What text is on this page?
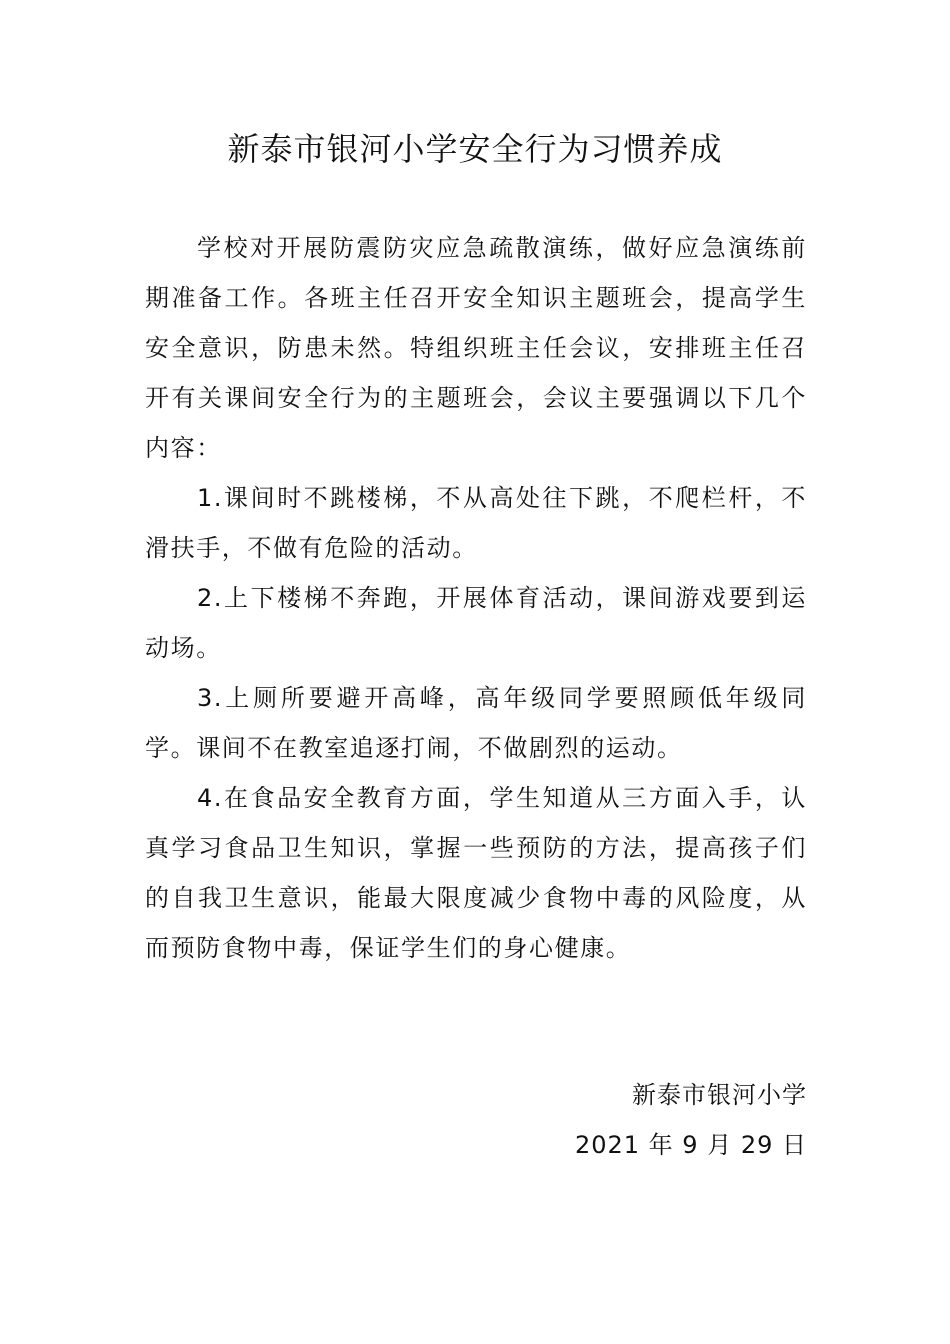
新泰市银河小学安全行为习惯养成

学校对开展防震防灾应急疏散演练，做好应急演练前期准备工作。各班主任召开安全知识主题班会，提高学生安全意识，防患未然。特组织班主任会议，安排班主任召开有关课间安全行为的主题班会，会议主要强调以下几个内容：

1.课间时不跳楼梯，不从高处往下跳，不爬栏杆，不滑扶手，不做有危险的活动。

2.上下楼梯不奔跑，开展体育活动，课间游戏要到运动场。

3.上厕所要避开高峰，高年级同学要照顾低年级同学。课间不在教室追逐打闹，不做剧烈的运动。

4.在食品安全教育方面，学生知道从三方面入手，认真学习食品卫生知识，掌握一些预防的方法，提高孩子们的自我卫生意识，能最大限度减少食物中毒的风险度，从而预防食物中毒，保证学生们的身心健康。

新泰市银河小学
2021 年 9 月 29 日
